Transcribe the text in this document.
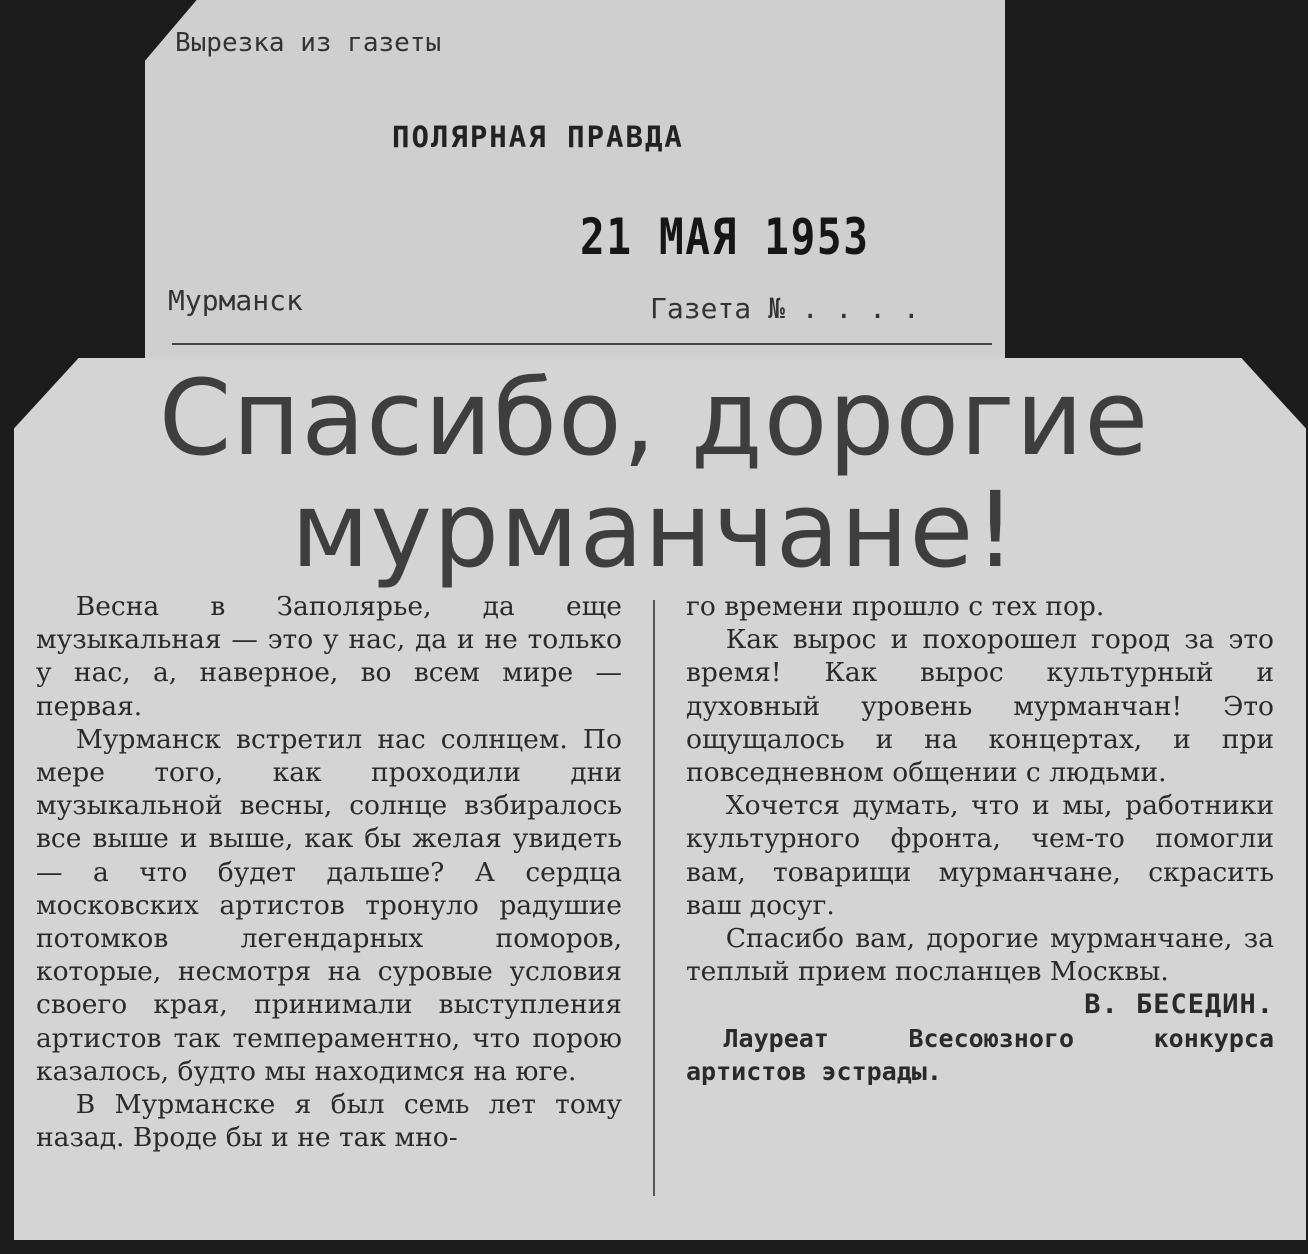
Вырезка из газеты
ПОЛЯРНАЯ ПРАВДА
21 МАЯ 1953
Мурманск	Газета № . . . .
Спасибо, дорогие
мурманчане!

Весна в Заполярье, да еще музыкальная — это у нас, да и не только у нас, а, наверное, во всем мире — первая.

Мурманск встретил нас солнцем. По мере того, как проходили дни музыкальной весны, солнце взбиралось все выше и выше, как бы желая увидеть — а что будет дальше? А сердца московских артистов тронуло радушие потомков легендарных поморов, которые, несмотря на суровые условия своего края, принимали выступления артистов так темпераментно, что порою казалось, будто мы находимся на юге.

В Мурманске я был семь лет тому назад. Вроде бы и не так мно-

го времени прошло с тех пор.

Как вырос и похорошел город за это время! Как вырос культурный и духовный уровень мурманчан! Это ощущалось и на концертах, и при повседневном общении с людьми.

Хочется думать, что и мы, работники культурного фронта, чем-то помогли вам, товарищи мурманчане, скрасить ваш досуг.

Спасибо вам, дорогие мурманчане, за теплый прием посланцев Москвы.

В. БЕСЕДИН.

Лауреат Всесоюзного конкурса артистов эстрады.
